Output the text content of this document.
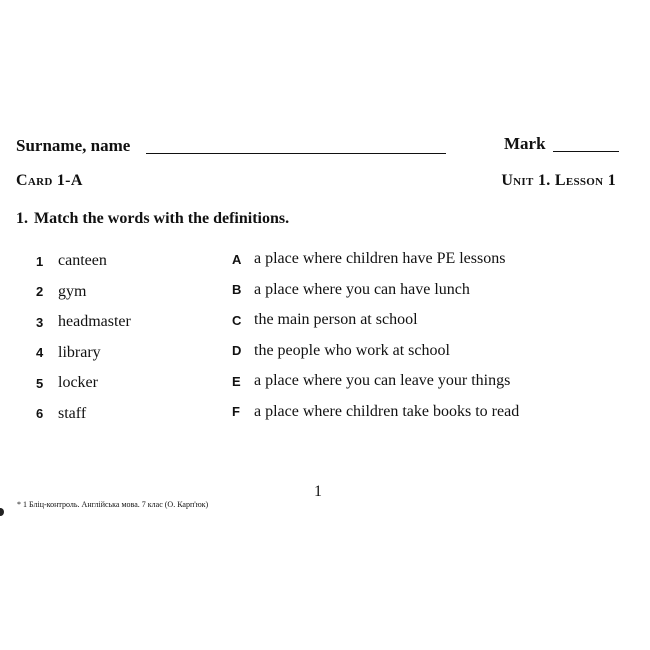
Surname, name	Mark
Card 1-A	Unit 1. Lesson 1
1. Match the words with the definitions.
1 canteen
2 gym
3 headmaster
4 library
5 locker
6 staff
A a place where children have PE lessons
B a place where you can have lunch
C the main person at school
D the people who work at school
E a place where you can leave your things
F a place where children take books to read
1
* 1 Бліц-контроль. Англійська мова. 7 клас (О. Карп'юк)
